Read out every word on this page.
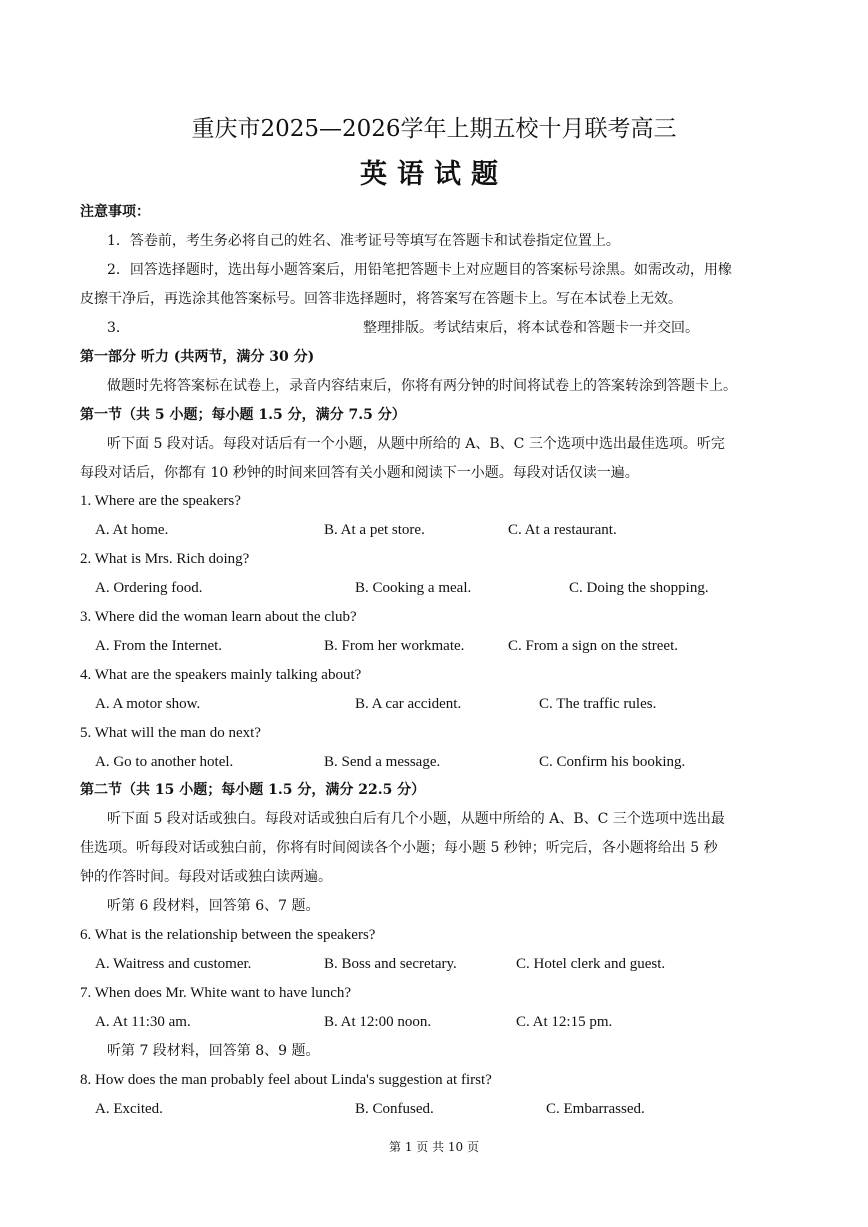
重庆市2025—2026学年上期五校十月联考高三
英语试题
注意事项：
1．答卷前，考生务必将自己的姓名、准考证号等填写在答题卡和试卷指定位置上。
2．回答选择题时，选出每小题答案后，用铅笔把答题卡上对应题目的答案标号涂黑。如需改动，用橡
皮擦干净后，再选涂其他答案标号。回答非选择题时，将答案写在答题卡上。写在本试卷上无效。
3．	整理排版。考试结束后，将本试卷和答题卡一并交回。
第一部分 听力 (共两节，满分 30 分)
做题时先将答案标在试卷上，录音内容结束后，你将有两分钟的时间将试卷上的答案转涂到答题卡上。
第一节（共 5 小题；每小题 1.5 分，满分 7.5 分）
听下面 5 段对话。每段对话后有一个小题，从题中所给的 A、B、C 三个选项中选出最佳选项。听完
每段对话后，你都有 10 秒钟的时间来回答有关小题和阅读下一小题。每段对话仅读一遍。
1. Where are the speakers?
A. At home.	B. At a pet store.	C. At a restaurant.
2. What is Mrs. Rich doing?
A. Ordering food.	B. Cooking a meal.	C. Doing the shopping.
3. Where did the woman learn about the club?
A. From the Internet.	B. From her workmate.	C. From a sign on the street.
4. What are the speakers mainly talking about?
A. A motor show.	B. A car accident.	C. The traffic rules.
5. What will the man do next?
A. Go to another hotel.	B. Send a message.	C. Confirm his booking.
第二节（共 15 小题；每小题 1.5 分，满分 22.5 分）
听下面 5 段对话或独白。每段对话或独白后有几个小题，从题中所给的 A、B、C 三个选项中选出最
佳选项。听每段对话或独白前，你将有时间阅读各个小题；每小题 5 秒钟；听完后，各小题将给出 5 秒
钟的作答时间。每段对话或独白读两遍。
听第 6 段材料，回答第 6、7 题。
6. What is the relationship between the speakers?
A. Waitress and customer.	B. Boss and secretary.	C. Hotel clerk and guest.
7. When does Mr. White want to have lunch?
A. At 11:30 am.	B. At 12:00 noon.	C. At 12:15 pm.
听第 7 段材料，回答第 8、9 题。
8. How does the man probably feel about Linda's suggestion at first?
A. Excited.	B. Confused.	C. Embarrassed.
第 1 页 共 10 页
